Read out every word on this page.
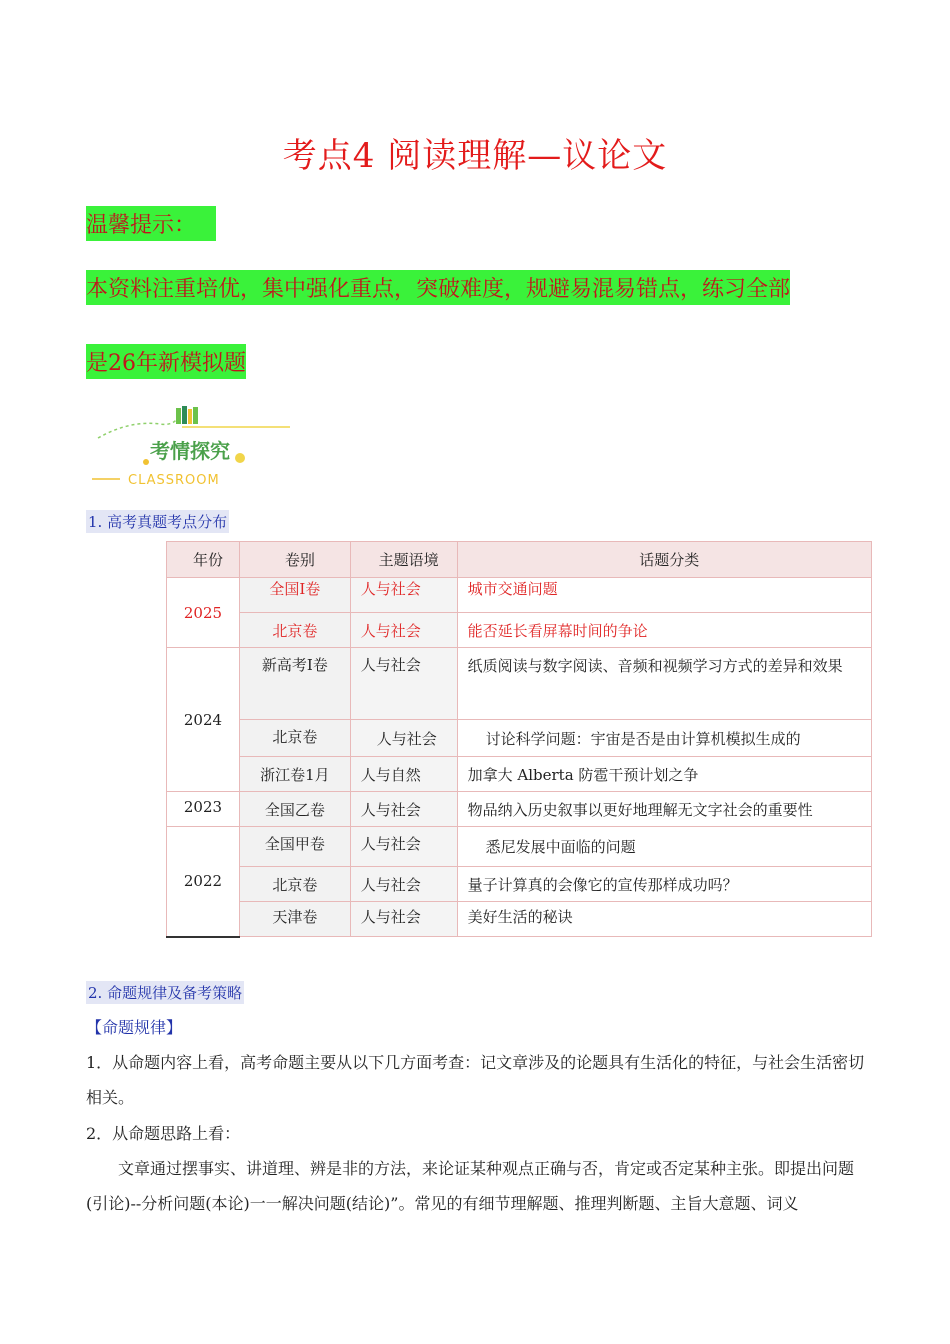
考点4 阅读理解—议论文
温馨提示：
本资料注重培优，集中强化重点，突破难度，规避易混易错点，练习全部
是26年新模拟题
考情探究
CLASSROOM
1. 高考真题考点分布
年份	卷别	主题语境	话题分类
2025	全国I卷	人与社会	城市交通问题
	北京卷	人与社会	能否延长看屏幕时间的争论
2024	新高考I卷	人与社会	纸质阅读与数字阅读、音频和视频学习方式的差异和效果
	北京卷	人与社会	讨论科学问题：宇宙是否是由计算机模拟生成的
	浙江卷1月	人与自然	加拿大 Alberta 防雹干预计划之争
2023	全国乙卷	人与社会	物品纳入历史叙事以更好地理解无文字社会的重要性
2022	全国甲卷	人与社会	悉尼发展中面临的问题
	北京卷	人与社会	量子计算真的会像它的宣传那样成功吗？
	天津卷	人与社会	美好生活的秘诀
2. 命题规律及备考策略
【命题规律】
1．从命题内容上看，高考命题主要从以下几方面考查：记文章涉及的论题具有生活化的特征，与社会生活密切相关。
2．从命题思路上看：
文章通过摆事实、讲道理、辨是非的方法，来论证某种观点正确与否，肯定或否定某种主张。即提出问题(引论)--分析问题(本论)一一解决问题(结论)”。常见的有细节理解题、推理判断题、主旨大意题、词义
